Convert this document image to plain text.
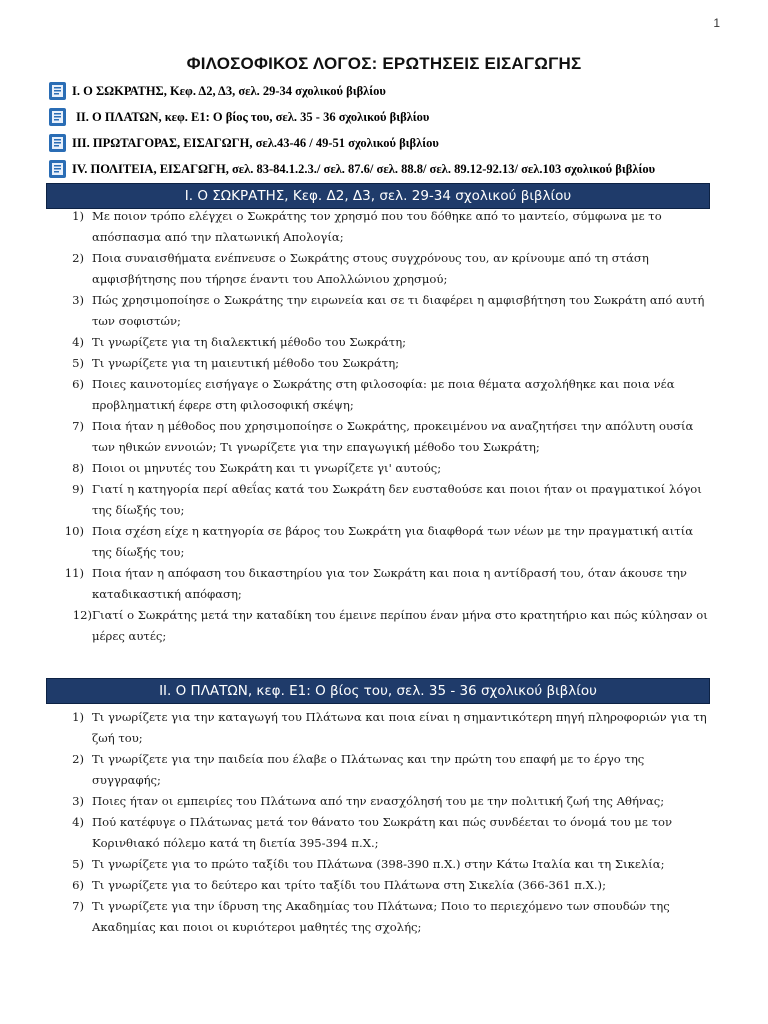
1
ΦΙΛΟΣΟΦΙΚΟΣ ΛΟΓΟΣ: ΕΡΩΤΗΣΕΙΣ ΕΙΣΑΓΩΓΗΣ
I. Ο ΣΩΚΡΑΤΗΣ, Κεφ. Δ2, Δ3, σελ. 29-34 σχολικού βιβλίου
II. Ο ΠΛΑΤΩΝ, κεφ. Ε1: Ο βίος του, σελ. 35 - 36 σχολικού βιβλίου
III. ΠΡΩΤΑΓΟΡΑΣ, ΕΙΣΑΓΩΓΗ, σελ.43-46 / 49-51 σχολικού βιβλίου
IV. ΠΟΛΙΤΕΙΑ, ΕΙΣΑΓΩΓΗ, σελ. 83-84.1.2.3./ σελ. 87.6/ σελ. 88.8/ σελ. 89.12-92.13/ σελ.103 σχολικού βιβλίου
I. Ο ΣΩΚΡΑΤΗΣ, Κεφ. Δ2, Δ3, σελ. 29-34 σχολικού βιβλίου
1) Με ποιον τρόπο ελέγχει ο Σωκράτης τον χρησμό που του δόθηκε από το μαντείο, σύμφωνα με το απόσπασμα από την πλατωνική Απολογία;
2) Ποια συναισθήματα ενέπνευσε ο Σωκράτης στους συγχρόνους του, αν κρίνουμε από τη στάση αμφισβήτησης που τήρησε έναντι του Απολλώνιου χρησμού;
3) Πώς χρησιμοποίησε ο Σωκράτης την ειρωνεία και σε τι διαφέρει η αμφισβήτηση του Σωκράτη από αυτή των σοφιστών;
4) Τι γνωρίζετε για τη διαλεκτική μέθοδο του Σωκράτη;
5) Τι γνωρίζετε για τη μαιευτική μέθοδο του Σωκράτη;
6) Ποιες καινοτομίες εισήγαγε ο Σωκράτης στη φιλοσοφία: με ποια θέματα ασχολήθηκε και ποια νέα προβληματική έφερε στη φιλοσοφική σκέψη;
7) Ποια ήταν η μέθοδος που χρησιμοποίησε ο Σωκράτης, προκειμένου να αναζητήσει την απόλυτη ουσία των ηθικών εννοιών; Τι γνωρίζετε για την επαγωγική μέθοδο του Σωκράτη;
8) Ποιοι οι μηνυτές του Σωκράτη και τι γνωρίζετε γι' αυτούς;
9) Γιατί η κατηγορία περί αθεΐας κατά του Σωκράτη δεν ευσταθούσε και ποιοι ήταν οι πραγματικοί λόγοι της δίωξής του;
10) Ποια σχέση είχε η κατηγορία σε βάρος του Σωκράτη για διαφθορά των νέων με την πραγματική αιτία της δίωξής του;
11) Ποια ήταν η απόφαση του δικαστηρίου για τον Σωκράτη και ποια η αντίδρασή του, όταν άκουσε την καταδικαστική απόφαση;
12) Γιατί ο Σωκράτης μετά την καταδίκη του έμεινε περίπου έναν μήνα στο κρατητήριο και πώς κύλησαν οι μέρες αυτές;
II. Ο ΠΛΑΤΩΝ, κεφ. Ε1: Ο βίος του, σελ. 35 - 36 σχολικού βιβλίου
1) Τι γνωρίζετε για την καταγωγή του Πλάτωνα και ποια είναι η σημαντικότερη πηγή πληροφοριών για τη ζωή του;
2) Τι γνωρίζετε για την παιδεία που έλαβε ο Πλάτωνας και την πρώτη του επαφή με το έργο της συγγραφής;
3) Ποιες ήταν οι εμπειρίες του Πλάτωνα από την ενασχόλησή του με την πολιτική ζωή της Αθήνας;
4) Πού κατέφυγε ο Πλάτωνας μετά τον θάνατο του Σωκράτη και πώς συνδέεται το όνομά του με τον Κορινθιακό πόλεμο κατά τη διετία 395-394 π.Χ.;
5) Τι γνωρίζετε για το πρώτο ταξίδι του Πλάτωνα (398-390 π.Χ.) στην Κάτω Ιταλία και τη Σικελία;
6) Τι γνωρίζετε για το δεύτερο και τρίτο ταξίδι του Πλάτωνα στη Σικελία (366-361 π.Χ.);
7) Τι γνωρίζετε για την ίδρυση της Ακαδημίας του Πλάτωνα; Ποιο το περιεχόμενο των σπουδών της Ακαδημίας και ποιοι οι κυριότεροι μαθητές της σχολής;
